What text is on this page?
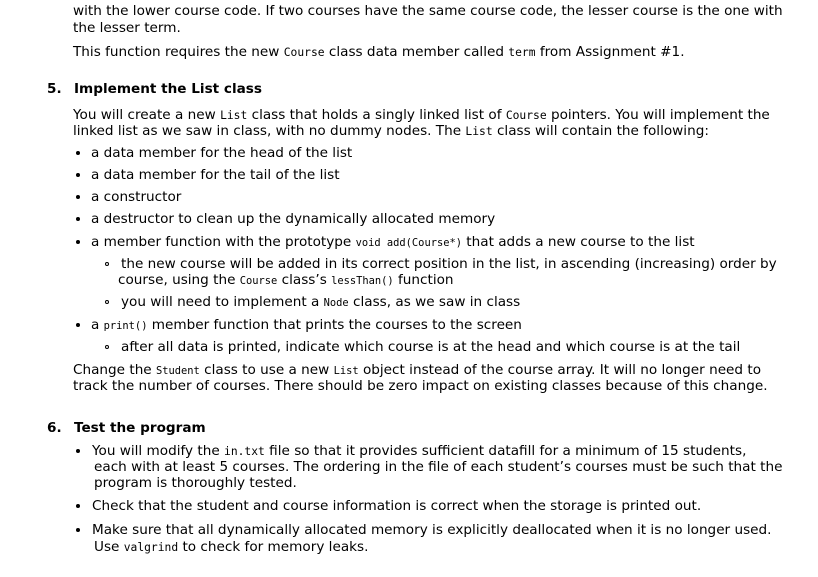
with the lower course code. If two courses have the same course code, the lesser course is the one with
the lesser term.
This function requires the new Course class data member called term from Assignment #1.
5. Implement the List class
You will create a new List class that holds a singly linked list of Course pointers. You will implement the
linked list as we saw in class, with no dummy nodes. The List class will contain the following:
a data member for the head of the list
a data member for the tail of the list
a constructor
a destructor to clean up the dynamically allocated memory
a member function with the prototype void add(Course*) that adds a new course to the list
the new course will be added in its correct position in the list, in ascending (increasing) order by
course, using the Course class’s lessThan() function
you will need to implement a Node class, as we saw in class
a print() member function that prints the courses to the screen
after all data is printed, indicate which course is at the head and which course is at the tail
Change the Student class to use a new List object instead of the course array. It will no longer need to
track the number of courses. There should be zero impact on existing classes because of this change.
6. Test the program
You will modify the in.txt file so that it provides sufficient datafill for a minimum of 15 students,
each with at least 5 courses. The ordering in the file of each student’s courses must be such that the
program is thoroughly tested.
Check that the student and course information is correct when the storage is printed out.
Make sure that all dynamically allocated memory is explicitly deallocated when it is no longer used.
Use valgrind to check for memory leaks.
